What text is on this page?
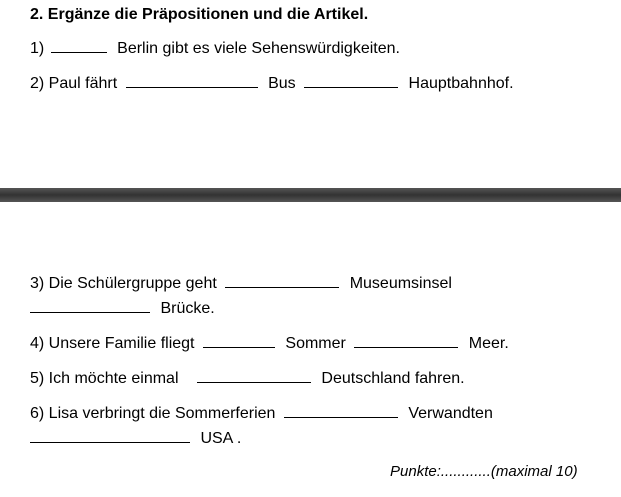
2. Ergänze die Präpositionen und die Artikel.
1)	Berlin gibt es viele Sehenswürdigkeiten.
2) Paul fährt	Bus	Hauptbahnhof.
3) Die Schülergruppe geht	Museumsinsel
Brücke.
4) Unsere Familie fliegt	Sommer	Meer.
5) Ich möchte einmal	Deutschland fahren.
6) Lisa verbringt die Sommerferien	Verwandten
USA .
Punkte:............(maximal 10)
